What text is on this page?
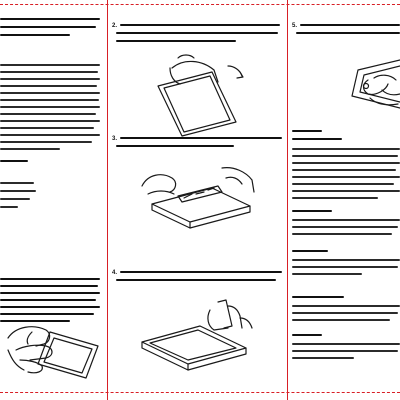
2.
3.
4.
5.
